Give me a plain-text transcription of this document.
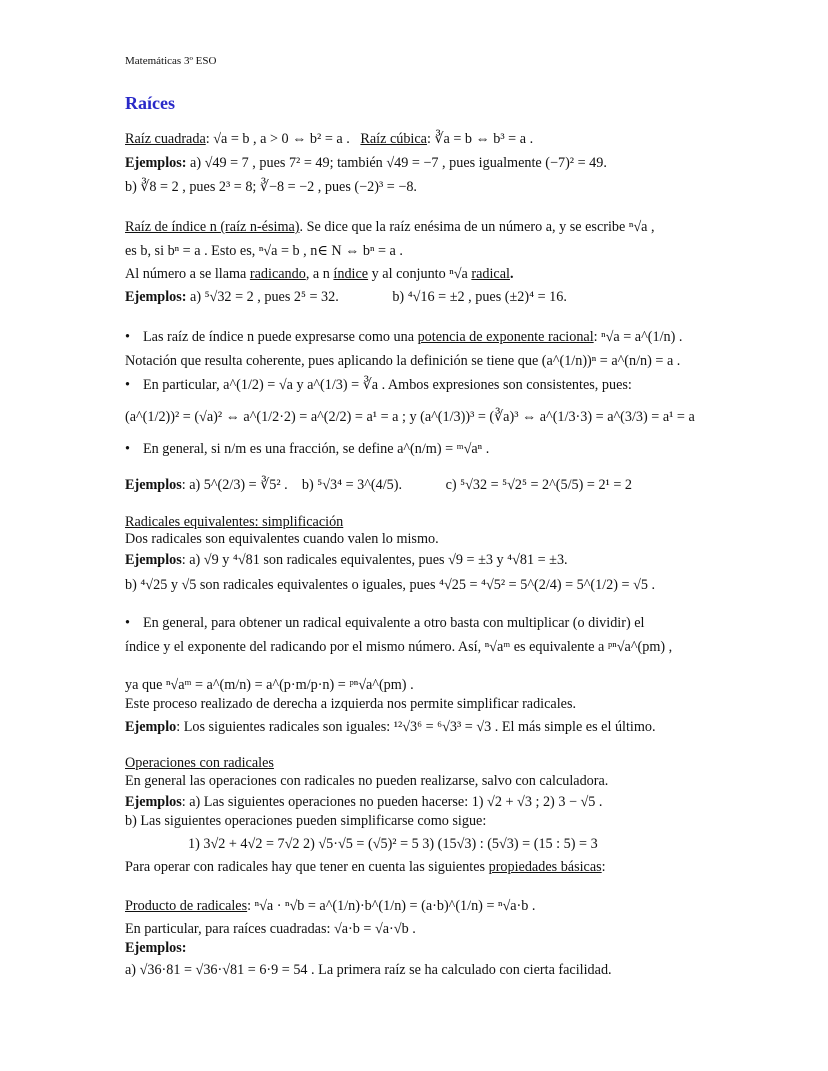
Matemáticas 3º ESO
Raíces
Raíz cuadrada: √a = b , a > 0 ⇔ b² = a . Raíz cúbica: ∛a = b ⇔ b³ = a .
Ejemplos: a) √49 = 7 , pues 7² = 49; también √49 = −7 , pues igualmente (−7)² = 49.
b) ∛8 = 2 , pues 2³ = 8; ∛−8 = −2 , pues (−2)³ = −8.
Raíz de índice n (raíz n-ésima). Se dice que la raíz enésima de un número a, y se escribe ⁿ√a ,
es b, si bⁿ = a . Esto es, ⁿ√a = b , n∈ N ⇔ bⁿ = a .
Al número a se llama radicando, a n índice y al conjunto ⁿ√a radical.
Ejemplos: a) ⁵√32 = 2 , pues 2⁵ = 32.	b) ⁴√16 = ±2 , pues (±2)⁴ = 16.
• Las raíz de índice n puede expresarse como una potencia de exponente racional: ⁿ√a = a^(1/n) .
Notación que resulta coherente, pues aplicando la definición se tiene que (a^(1/n))ⁿ = a^(n/n) = a .
• En particular, a^(1/2) = √a y a^(1/3) = ∛a . Ambos expresiones son consistentes, pues:
(a^(1/2))² = (√a)² ⇔ a^(1/2·2) = a^(2/2) = a¹ = a ; y (a^(1/3))³ = (∛a)³ ⇔ a^(1/3·3) = a^(3/3) = a¹ = a
• En general, si n/m es una fracción, se define a^(n/m) = ᵐ√aⁿ .
Ejemplos: a) 5^(2/3) = ∛5² . b) ⁵√3⁴ = 3^(4/5).	c) ⁵√32 = ⁵√2⁵ = 2^(5/5) = 2¹ = 2
Radicales equivalentes: simplificación
Dos radicales son equivalentes cuando valen lo mismo.
Ejemplos: a) √9 y ⁴√81 son radicales equivalentes, pues √9 = ±3 y ⁴√81 = ±3.
b) ⁴√25 y √5 son radicales equivalentes o iguales, pues ⁴√25 = ⁴√5² = 5^(2/4) = 5^(1/2) = √5 .
• En general, para obtener un radical equivalente a otro basta con multiplicar (o dividir) el
índice y el exponente del radicando por el mismo número. Así, ⁿ√aᵐ es equivalente a ᵖⁿ√a^(pm) ,
ya que ⁿ√aᵐ = a^(m/n) = a^(p·m/p·n) = ᵖⁿ√a^(pm) .
Este proceso realizado de derecha a izquierda nos permite simplificar radicales.
Ejemplo: Los siguientes radicales son iguales: ¹²√3⁶ = ⁶√3³ = √3 . El más simple es el último.
Operaciones con radicales
En general las operaciones con radicales no pueden realizarse, salvo con calculadora.
Ejemplos: a) Las siguientes operaciones no pueden hacerse: 1) √2 + √3 ; 2) 3 − √5 .
b) Las siguientes operaciones pueden simplificarse como sigue:
1) 3√2 + 4√2 = 7√2 2) √5·√5 = (√5)² = 5 3) (15√3) : (5√3) = (15 : 5) = 3
Para operar con radicales hay que tener en cuenta las siguientes propiedades básicas:
Producto de radicales: ⁿ√a · ⁿ√b = a^(1/n)·b^(1/n) = (a·b)^(1/n) = ⁿ√a·b .
En particular, para raíces cuadradas: √a·b = √a·√b .
Ejemplos:
a) √36·81 = √36·√81 = 6·9 = 54 . La primera raíz se ha calculado con cierta facilidad.
